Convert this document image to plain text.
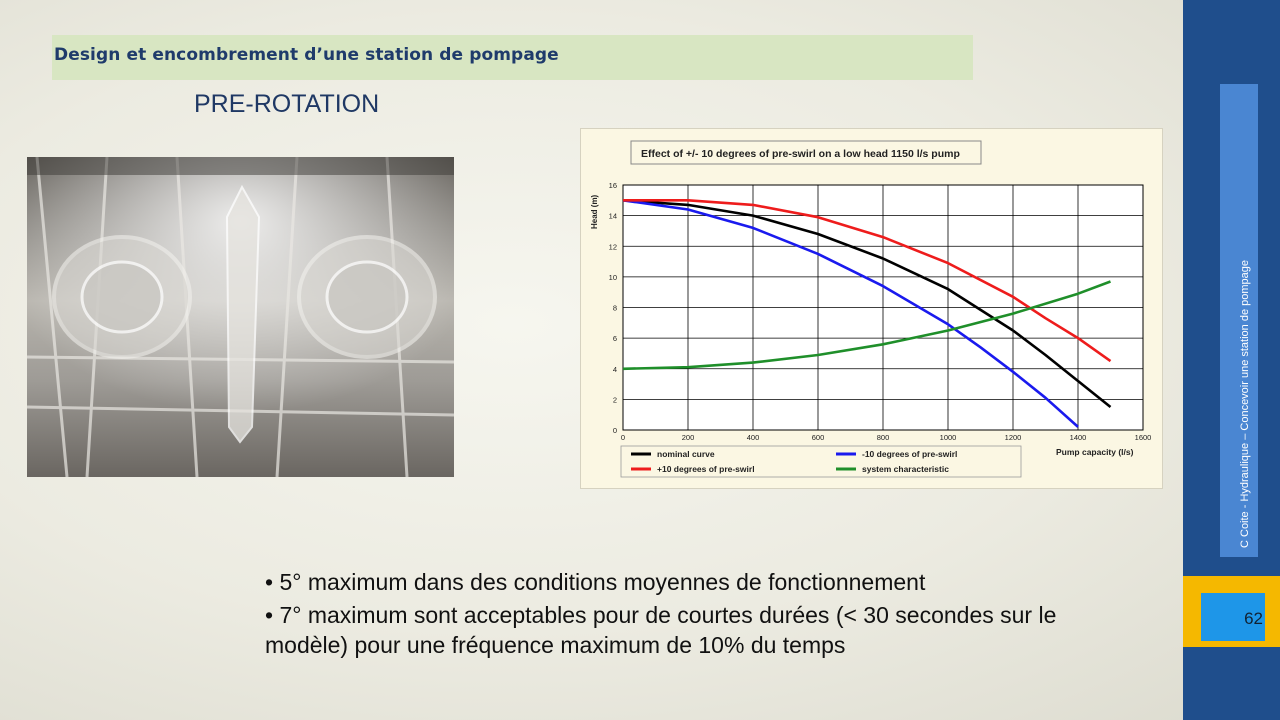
Design et encombrement d’une station de pompage
PRE-ROTATION
Effect of +/- 10 degrees of pre-swirl on a low head 1150 l/s pump
0	200	400	600	800	1000	1200	1400	1600
0
2
4
6
8
10
12
14
16
Head (m)
Pump capacity (l/s)
nominal curve	-10 degrees of pre-swirl
+10 degrees of pre-swirl	system characteristic

• 5° maximum dans des conditions moyennes de fonctionnement

• 7° maximum sont acceptables pour de courtes durées (< 30 secondes sur le modèle) pour une fréquence maximum de 10% du temps

C Coite - Hydraulique – Concevoir une station de pompage
62
